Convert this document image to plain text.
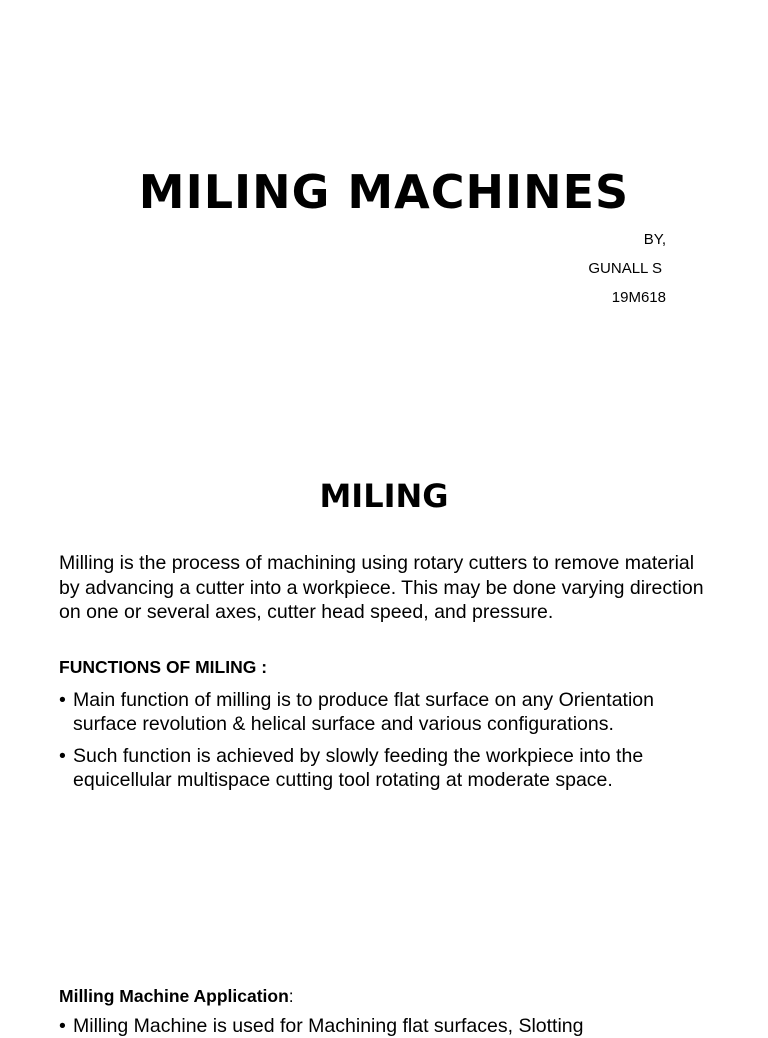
MILING MACHINES
BY,
GUNALL S
19M618
MILING

Milling is the process of machining using rotary cutters to remove material by advancing a cutter into a workpiece. This may be done varying direction on one or several axes, cutter head speed, and pressure.

FUNCTIONS OF MILING :

• Main function of milling is to produce flat surface on any Orientation surface revolution & helical surface and various configurations.
• Such function is achieved by slowly feeding the workpiece into the equicellular multispace cutting tool rotating at moderate space.

Milling Machine Application:

• Milling Machine is used for Machining flat surfaces, Slotting
